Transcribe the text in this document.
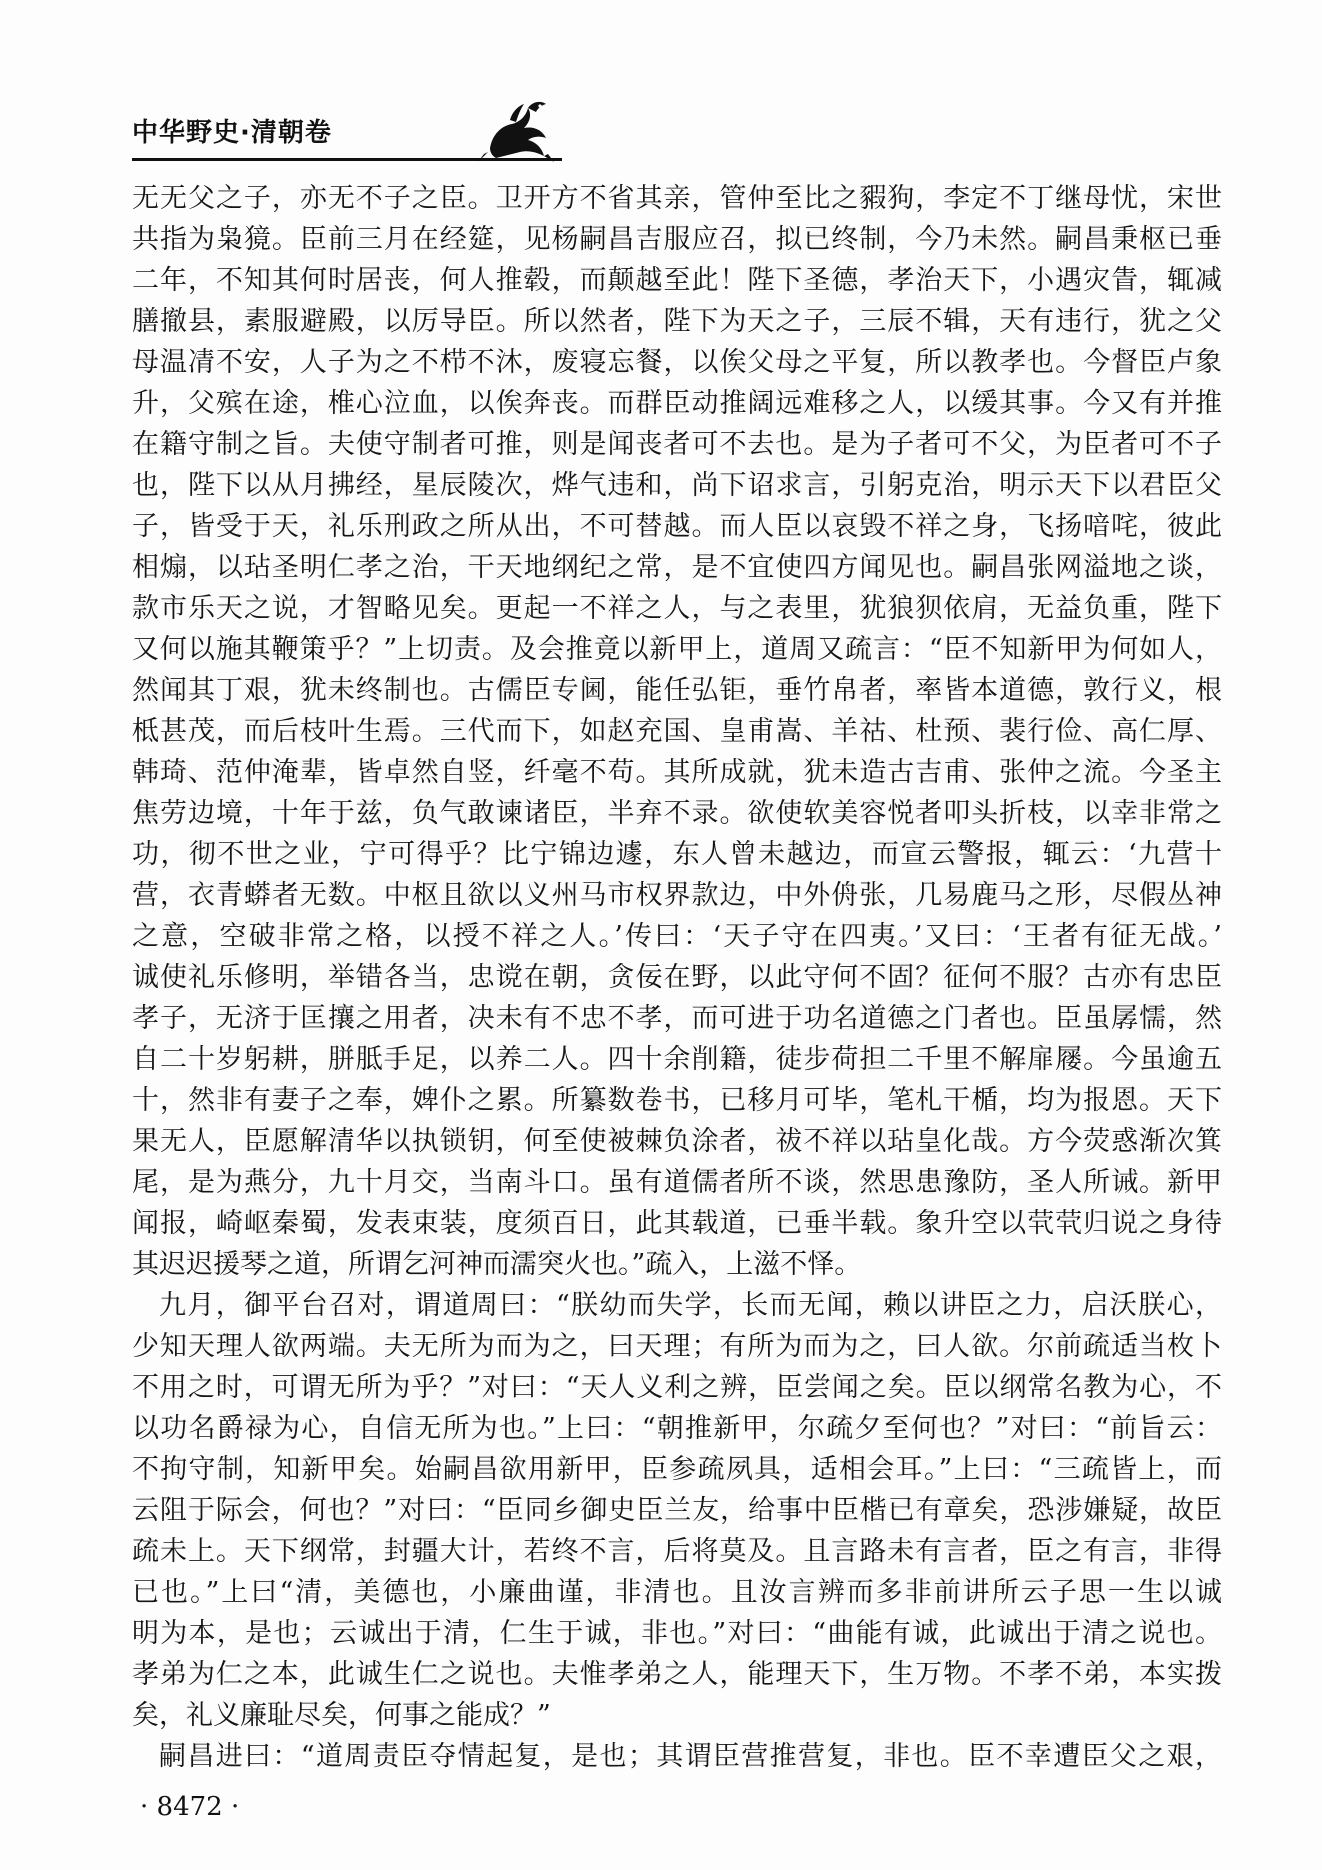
中华野史·清朝卷
无无父之子，亦无不子之臣。卫开方不省其亲，管仲至比之豭狗，李定不丁继母忧，宋世
共指为枭獍。臣前三月在经筵，见杨嗣昌吉服应召，拟已终制，今乃未然。嗣昌秉枢已垂
二年，不知其何时居丧，何人推毂，而颠越至此！陛下圣德，孝治天下，小遇灾眚，辄减
膳撤县，素服避殿，以厉导臣。所以然者，陛下为天之子，三辰不辑，天有违行，犹之父
母温凊不安，人子为之不栉不沐，废寝忘餐，以俟父母之平复，所以教孝也。今督臣卢象
升，父殡在途，椎心泣血，以俟奔丧。而群臣动推阔远难移之人，以缓其事。今又有并推
在籍守制之旨。夫使守制者可推，则是闻丧者可不去也。是为子者可不父，为臣者可不子
也，陛下以从月拂经，星辰陵次，烨气违和，尚下诏求言，引躬克治，明示天下以君臣父
子，皆受于天，礼乐刑政之所从出，不可替越。而人臣以哀毁不祥之身，飞扬喑咤，彼此
相煽，以玷圣明仁孝之治，干天地纲纪之常，是不宜使四方闻见也。嗣昌张网溢地之谈，
款市乐天之说，才智略见矣。更起一不祥之人，与之表里，犹狼狈依肩，无益负重，陛下
又何以施其鞭策乎？”上切责。及会推竟以新甲上，道周又疏言：“臣不知新甲为何如人，
然闻其丁艰，犹未终制也。古儒臣专阃，能任弘钜，垂竹帛者，率皆本道德，敦行义，根
柢甚茂，而后枝叶生焉。三代而下，如赵充国、皇甫嵩、羊祜、杜预、裴行俭、高仁厚、
韩琦、范仲淹辈，皆卓然自竖，纤毫不苟。其所成就，犹未造古吉甫、张仲之流。今圣主
焦劳边境，十年于兹，负气敢谏诸臣，半弃不录。欲使软美容悦者叩头折枝，以幸非常之
功，彻不世之业，宁可得乎？比宁锦边遽，东人曾未越边，而宣云警报，辄云：‘九营十
营，衣青蟒者无数。中枢且欲以义州马市权界款边，中外侜张，几易鹿马之形，尽假丛神
之意，空破非常之格，以授不祥之人。’传曰：‘天子守在四夷。’又曰：‘王者有征无战。’
诚使礼乐修明，举错各当，忠谠在朝，贪佞在野，以此守何不固？征何不服？古亦有忠臣
孝子，无济于匡攘之用者，决未有不忠不孝，而可进于功名道德之门者也。臣虽孱懦，然
自二十岁躬耕，胼胝手足，以养二人。四十余削籍，徒步荷担二千里不解扉屦。今虽逾五
十，然非有妻子之奉，婢仆之累。所纂数卷书，已移月可毕，笔札干楯，均为报恩。天下
果无人，臣愿解清华以执锁钥，何至使被棘负涂者，祓不祥以玷皇化哉。方今荧惑渐次箕
尾，是为燕分，九十月交，当南斗口。虽有道儒者所不谈，然思患豫防，圣人所诫。新甲
闻报，崎岖秦蜀，发表束装，度须百日，此其载道，已垂半载。象升空以茕茕归说之身待
其迟迟援琴之道，所谓乞河神而濡突火也。”疏入，上滋不怿。
九月，御平台召对，谓道周曰：“朕幼而失学，长而无闻，赖以讲臣之力，启沃朕心，
少知天理人欲两端。夫无所为而为之，曰天理；有所为而为之，曰人欲。尔前疏适当枚卜
不用之时，可谓无所为乎？”对曰：“天人义利之辨，臣尝闻之矣。臣以纲常名教为心，不
以功名爵禄为心，自信无所为也。”上曰：“朝推新甲，尔疏夕至何也？”对曰：“前旨云：
不拘守制，知新甲矣。始嗣昌欲用新甲，臣参疏夙具，适相会耳。”上曰：“三疏皆上，而
云阻于际会，何也？”对曰：“臣同乡御史臣兰友，给事中臣楷已有章矣，恐涉嫌疑，故臣
疏未上。天下纲常，封疆大计，若终不言，后将莫及。且言路未有言者，臣之有言，非得
已也。”上曰“清，美德也，小廉曲谨，非清也。且汝言辨而多非前讲所云子思一生以诚
明为本，是也；云诚出于清，仁生于诚，非也。”对曰：“曲能有诚，此诚出于清之说也。
孝弟为仁之本，此诚生仁之说也。夫惟孝弟之人，能理天下，生万物。不孝不弟，本实拨
矣，礼义廉耻尽矣，何事之能成？”
嗣昌进曰：“道周责臣夺情起复，是也；其谓臣营推营复，非也。臣不幸遭臣父之艰，
· 8472 ·
